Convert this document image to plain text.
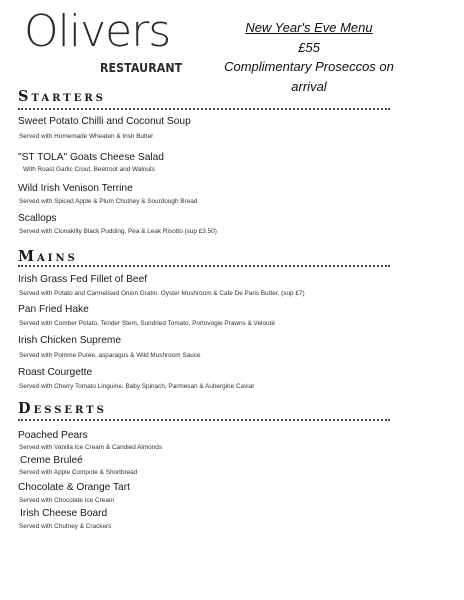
Olivers
RESTAURANT
New Year's Eve Menu
£55
Complimentary Proseccos on arrival
Starters
Sweet Potato Chilli and Coconut Soup
Served with Homemade Wheaten & Irish Butter
"ST TOLA" Goats Cheese Salad
With Roast Garlic Crout, Beetroot and Walnuts
Wild Irish Venison Terrine
Served with Spiced Apple & Plum Chutney & Sourdough Bread
Scallops
Served with Clonakilty Black Pudding, Pea & Leak Risotto (sup £3.50)
Mains
Irish Grass Fed Fillet of Beef
Served with Potato and Carmelised Onion Gratin. Oyster Mushroom & Cafe De Paris Butter. (sup £7)
Pan Fried Hake
Served with Comber Potato, Tender Stem, Sundried Tomato, Portovogie Prawns & Velouté
Irish Chicken Supreme
Served with Pomme Purée, asparagus & Wild Mushroom Sauce
Roast Courgette
Served with Cherry Tomato Linguine, Baby Spinach, Parmesan & Aubergine Caviar
Desserts
Poached Pears
Served with Vanilla Ice Cream & Candied Almonds
Creme Bruleé
Served with Apple Compote & Shortbread
Chocolate & Orange Tart
Served with Chocolate Ice Cream
Irish Cheese Board
Served with Chutney & Crackers
